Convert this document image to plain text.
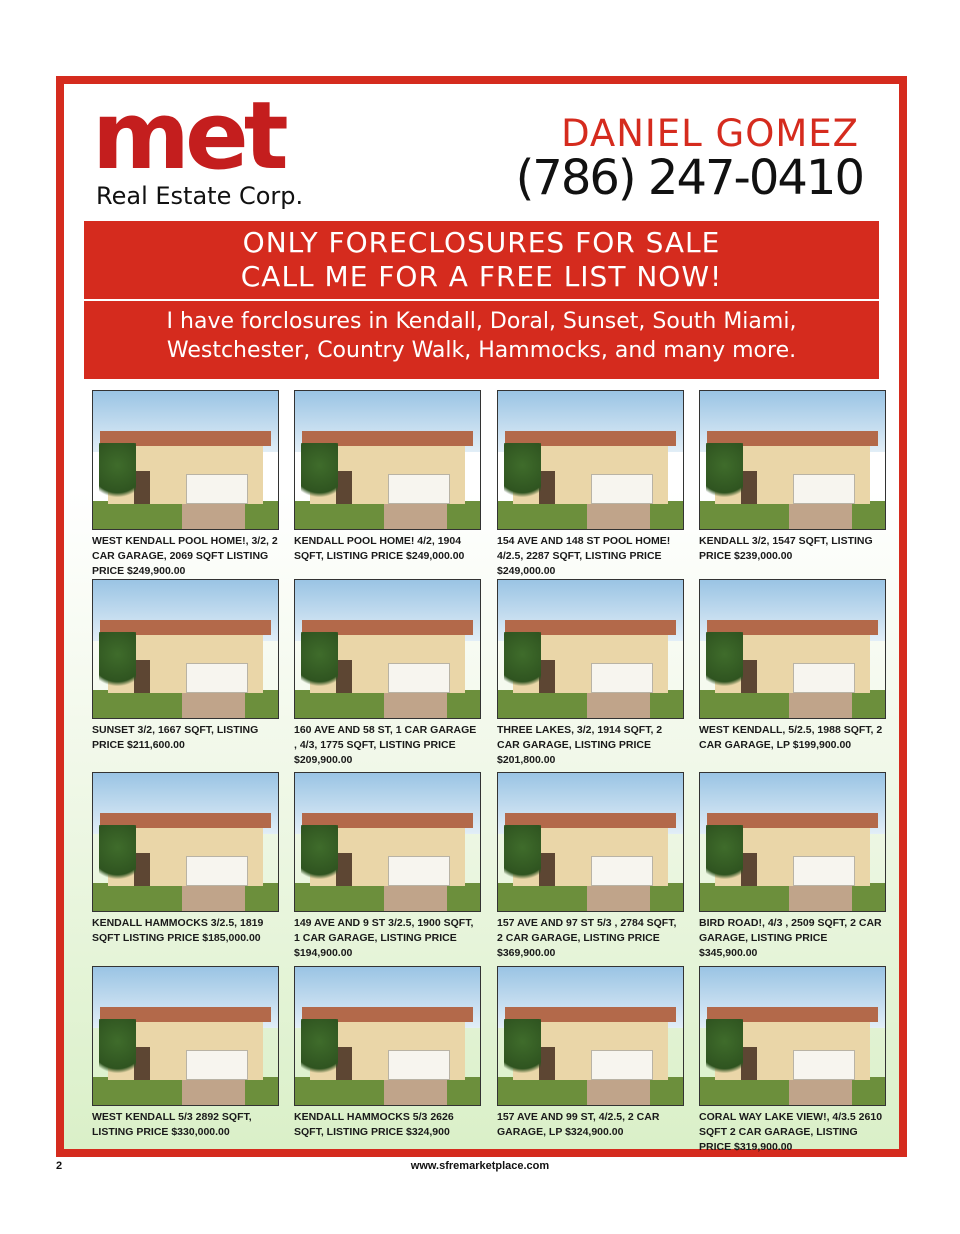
met
Real Estate Corp.
DANIEL GOMEZ
(786) 247-0410
ONLY FORECLOSURES FOR SALE
CALL ME FOR A FREE LIST NOW!
I have forclosures in Kendall, Doral, Sunset, South Miami,
Westchester, Country Walk, Hammocks, and many more.
WEST KENDALL POOL HOME!, 3/2, 2 CAR GARAGE, 2069 SQFT LISTING PRICE $249,900.00
KENDALL POOL HOME! 4/2, 1904 SQFT, LISTING PRICE $249,000.00
154 AVE AND 148 ST POOL HOME! 4/2.5, 2287 SQFT, LISTING PRICE $249,000.00
KENDALL 3/2, 1547 SQFT, LISTING PRICE $239,000.00
SUNSET 3/2, 1667 SQFT, LISTING PRICE $211,600.00
160 AVE AND 58 ST, 1 CAR GARAGE , 4/3, 1775 SQFT, LISTING PRICE $209,900.00
THREE LAKES, 3/2, 1914 SQFT, 2 CAR GARAGE, LISTING PRICE $201,800.00
WEST KENDALL, 5/2.5, 1988 SQFT, 2 CAR GARAGE, LP $199,900.00
KENDALL HAMMOCKS 3/2.5, 1819 SQFT LISTING PRICE $185,000.00
149 AVE AND 9 ST 3/2.5, 1900 SQFT, 1 CAR GARAGE, LISTING PRICE $194,900.00
157 AVE AND 97 ST 5/3 , 2784 SQFT, 2 CAR GARAGE, LISTING PRICE $369,900.00
BIRD ROAD!, 4/3 , 2509 SQFT, 2 CAR GARAGE, LISTING PRICE $345,900.00
WEST KENDALL 5/3 2892 SQFT, LISTING PRICE $330,000.00
KENDALL HAMMOCKS 5/3 2626 SQFT, LISTING PRICE $324,900
157 AVE AND 99 ST, 4/2.5, 2 CAR GARAGE, LP $324,900.00
CORAL WAY LAKE VIEW!, 4/3.5 2610 SQFT 2 CAR GARAGE, LISTING PRICE $319,900.00
2	www.sfremarketplace.com
